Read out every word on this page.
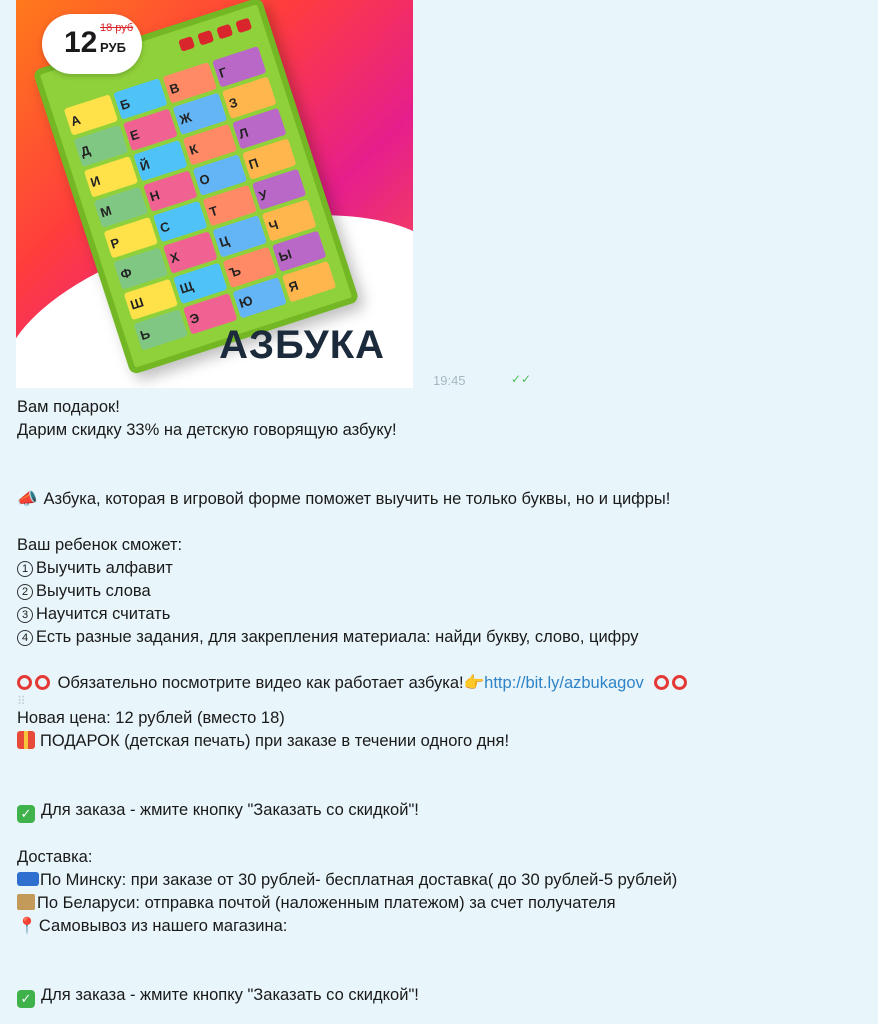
А
Б
В
Г
Д
Е
Ж
З
И
Й
К
Л
М
Н
О
П
Р
С
Т
У
Ф
Х
Ц
Ч
Ш
Щ
Ъ
Ы
Ь
Э
Ю
Я
12 18 руб
РУБ
АЗБУКА
19:45	✓✓
Вам подарок!
Дарим скидку 33% на детскую говорящую азбуку!
📣 Азбука, которая в игровой форме поможет выучить не только буквы, но и цифры!
Ваш ребенок сможет:
1 Выучить алфавит
2 Выучить слова
3 Научится считать
4 Есть разные задания, для закрепления материала: найди букву, слово, цифру
Обязательно посмотрите видео как работает азбука!👉http://bit.ly/azbukagov
⠿
Новая цена: 12 рублей (вместо 18)
ПОДАРОК (детская печать) при заказе в течении одного дня!
✓ Для заказа - жмите кнопку "Заказать со скидкой"!
Доставка:
По Минску: при заказе от 30 рублей- бесплатная доставка( до 30 рублей-5 рублей)
По Беларуси: отправка почтой (наложенным платежом) за счет получателя
📍 Самовывоз из нашего магазина:
✓ Для заказа - жмите кнопку "Заказать со скидкой"!
